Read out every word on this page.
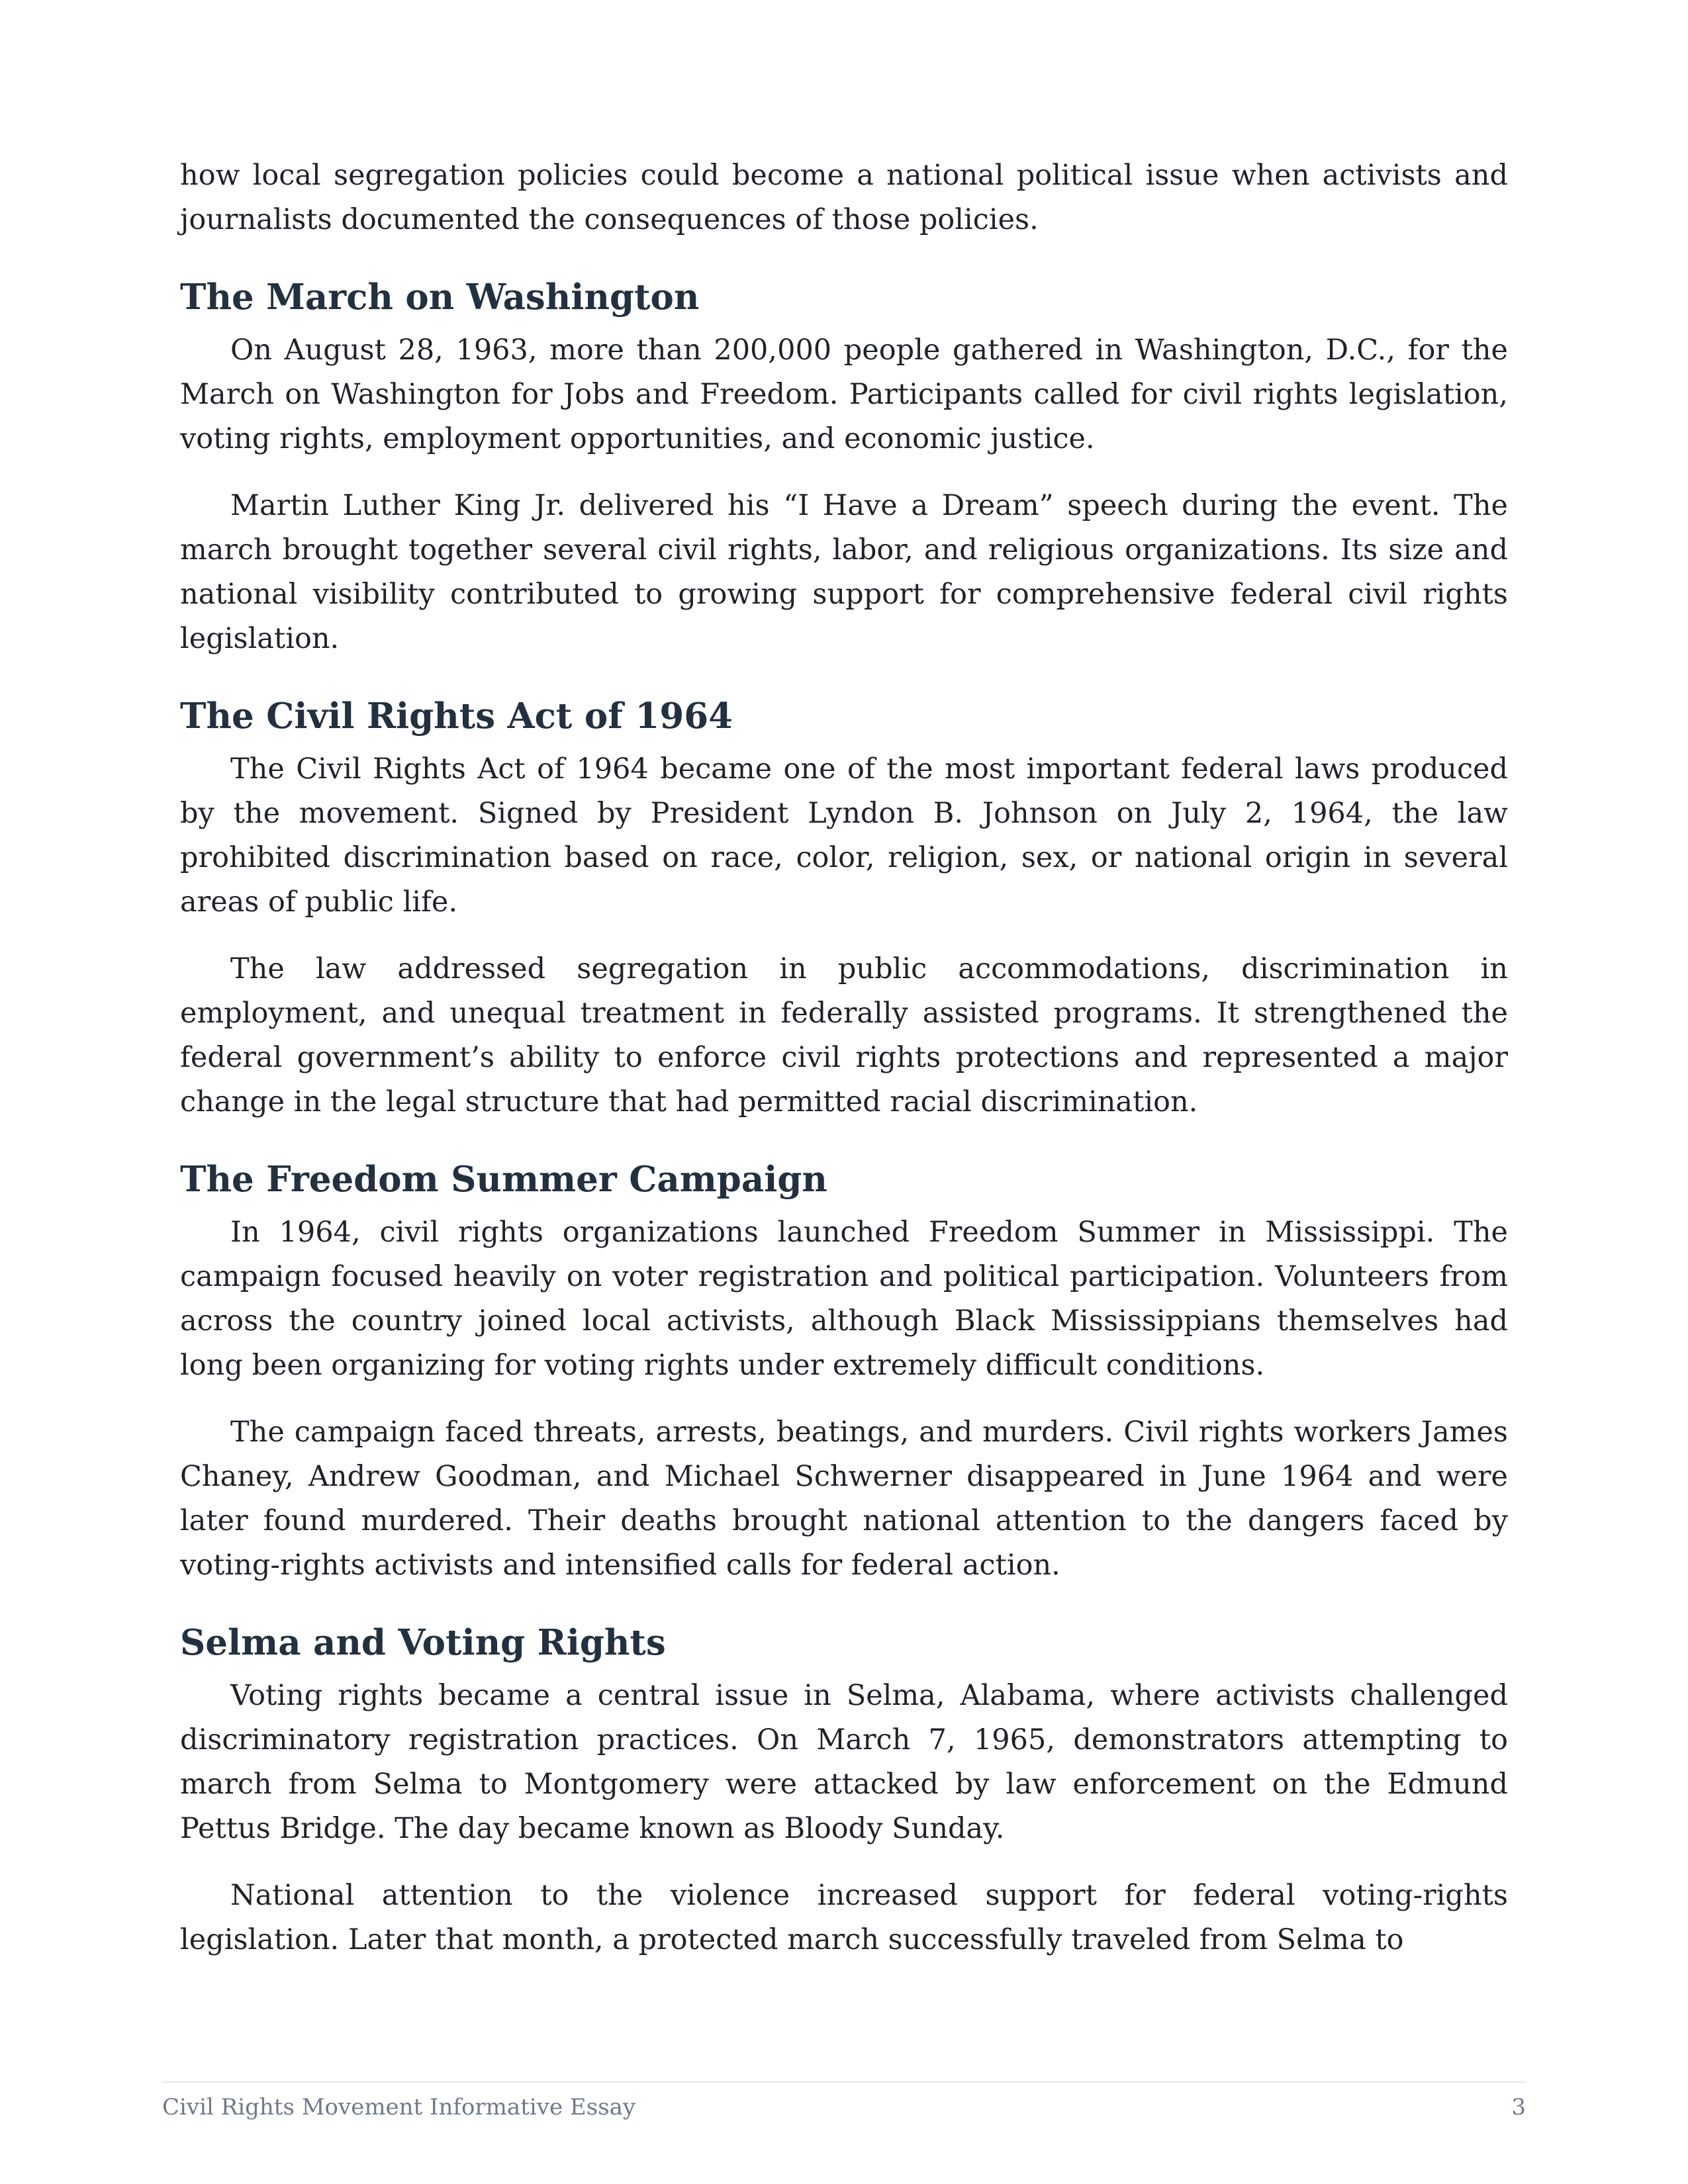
how local segregation policies could become a national political issue when activists and journalists documented the consequences of those policies.

The March on Washington

On August 28, 1963, more than 200,000 people gathered in Washington, D.C., for the March on Washington for Jobs and Freedom. Participants called for civil rights legislation, voting rights, employment opportunities, and economic justice.

Martin Luther King Jr. delivered his “I Have a Dream” speech during the event. The march brought together several civil rights, labor, and religious organizations. Its size and national visibility contributed to growing support for comprehensive federal civil rights legislation.

The Civil Rights Act of 1964

The Civil Rights Act of 1964 became one of the most important federal laws produced by the movement. Signed by President Lyndon B. Johnson on July 2, 1964, the law prohibited discrimination based on race, color, religion, sex, or national origin in several areas of public life.

The law addressed segregation in public accommodations, discrimination in employment, and unequal treatment in federally assisted programs. It strengthened the federal government’s ability to enforce civil rights protections and represented a major change in the legal structure that had permitted racial discrimination.

The Freedom Summer Campaign

In 1964, civil rights organizations launched Freedom Summer in Mississippi. The campaign focused heavily on voter registration and political participation. Volunteers from across the country joined local activists, although Black Mississippians themselves had long been organizing for voting rights under extremely difficult conditions.

The campaign faced threats, arrests, beatings, and murders. Civil rights workers James Chaney, Andrew Goodman, and Michael Schwerner disappeared in June 1964 and were later found murdered. Their deaths brought national attention to the dangers faced by voting-rights activists and intensified calls for federal action.

Selma and Voting Rights

Voting rights became a central issue in Selma, Alabama, where activists challenged discriminatory registration practices. On March 7, 1965, demonstrators attempting to march from Selma to Montgomery were attacked by law enforcement on the Edmund Pettus Bridge. The day became known as Bloody Sunday.

National attention to the violence increased support for federal voting-rights legislation. Later that month, a protected march successfully traveled from Selma to

Civil Rights Movement Informative Essay	3
